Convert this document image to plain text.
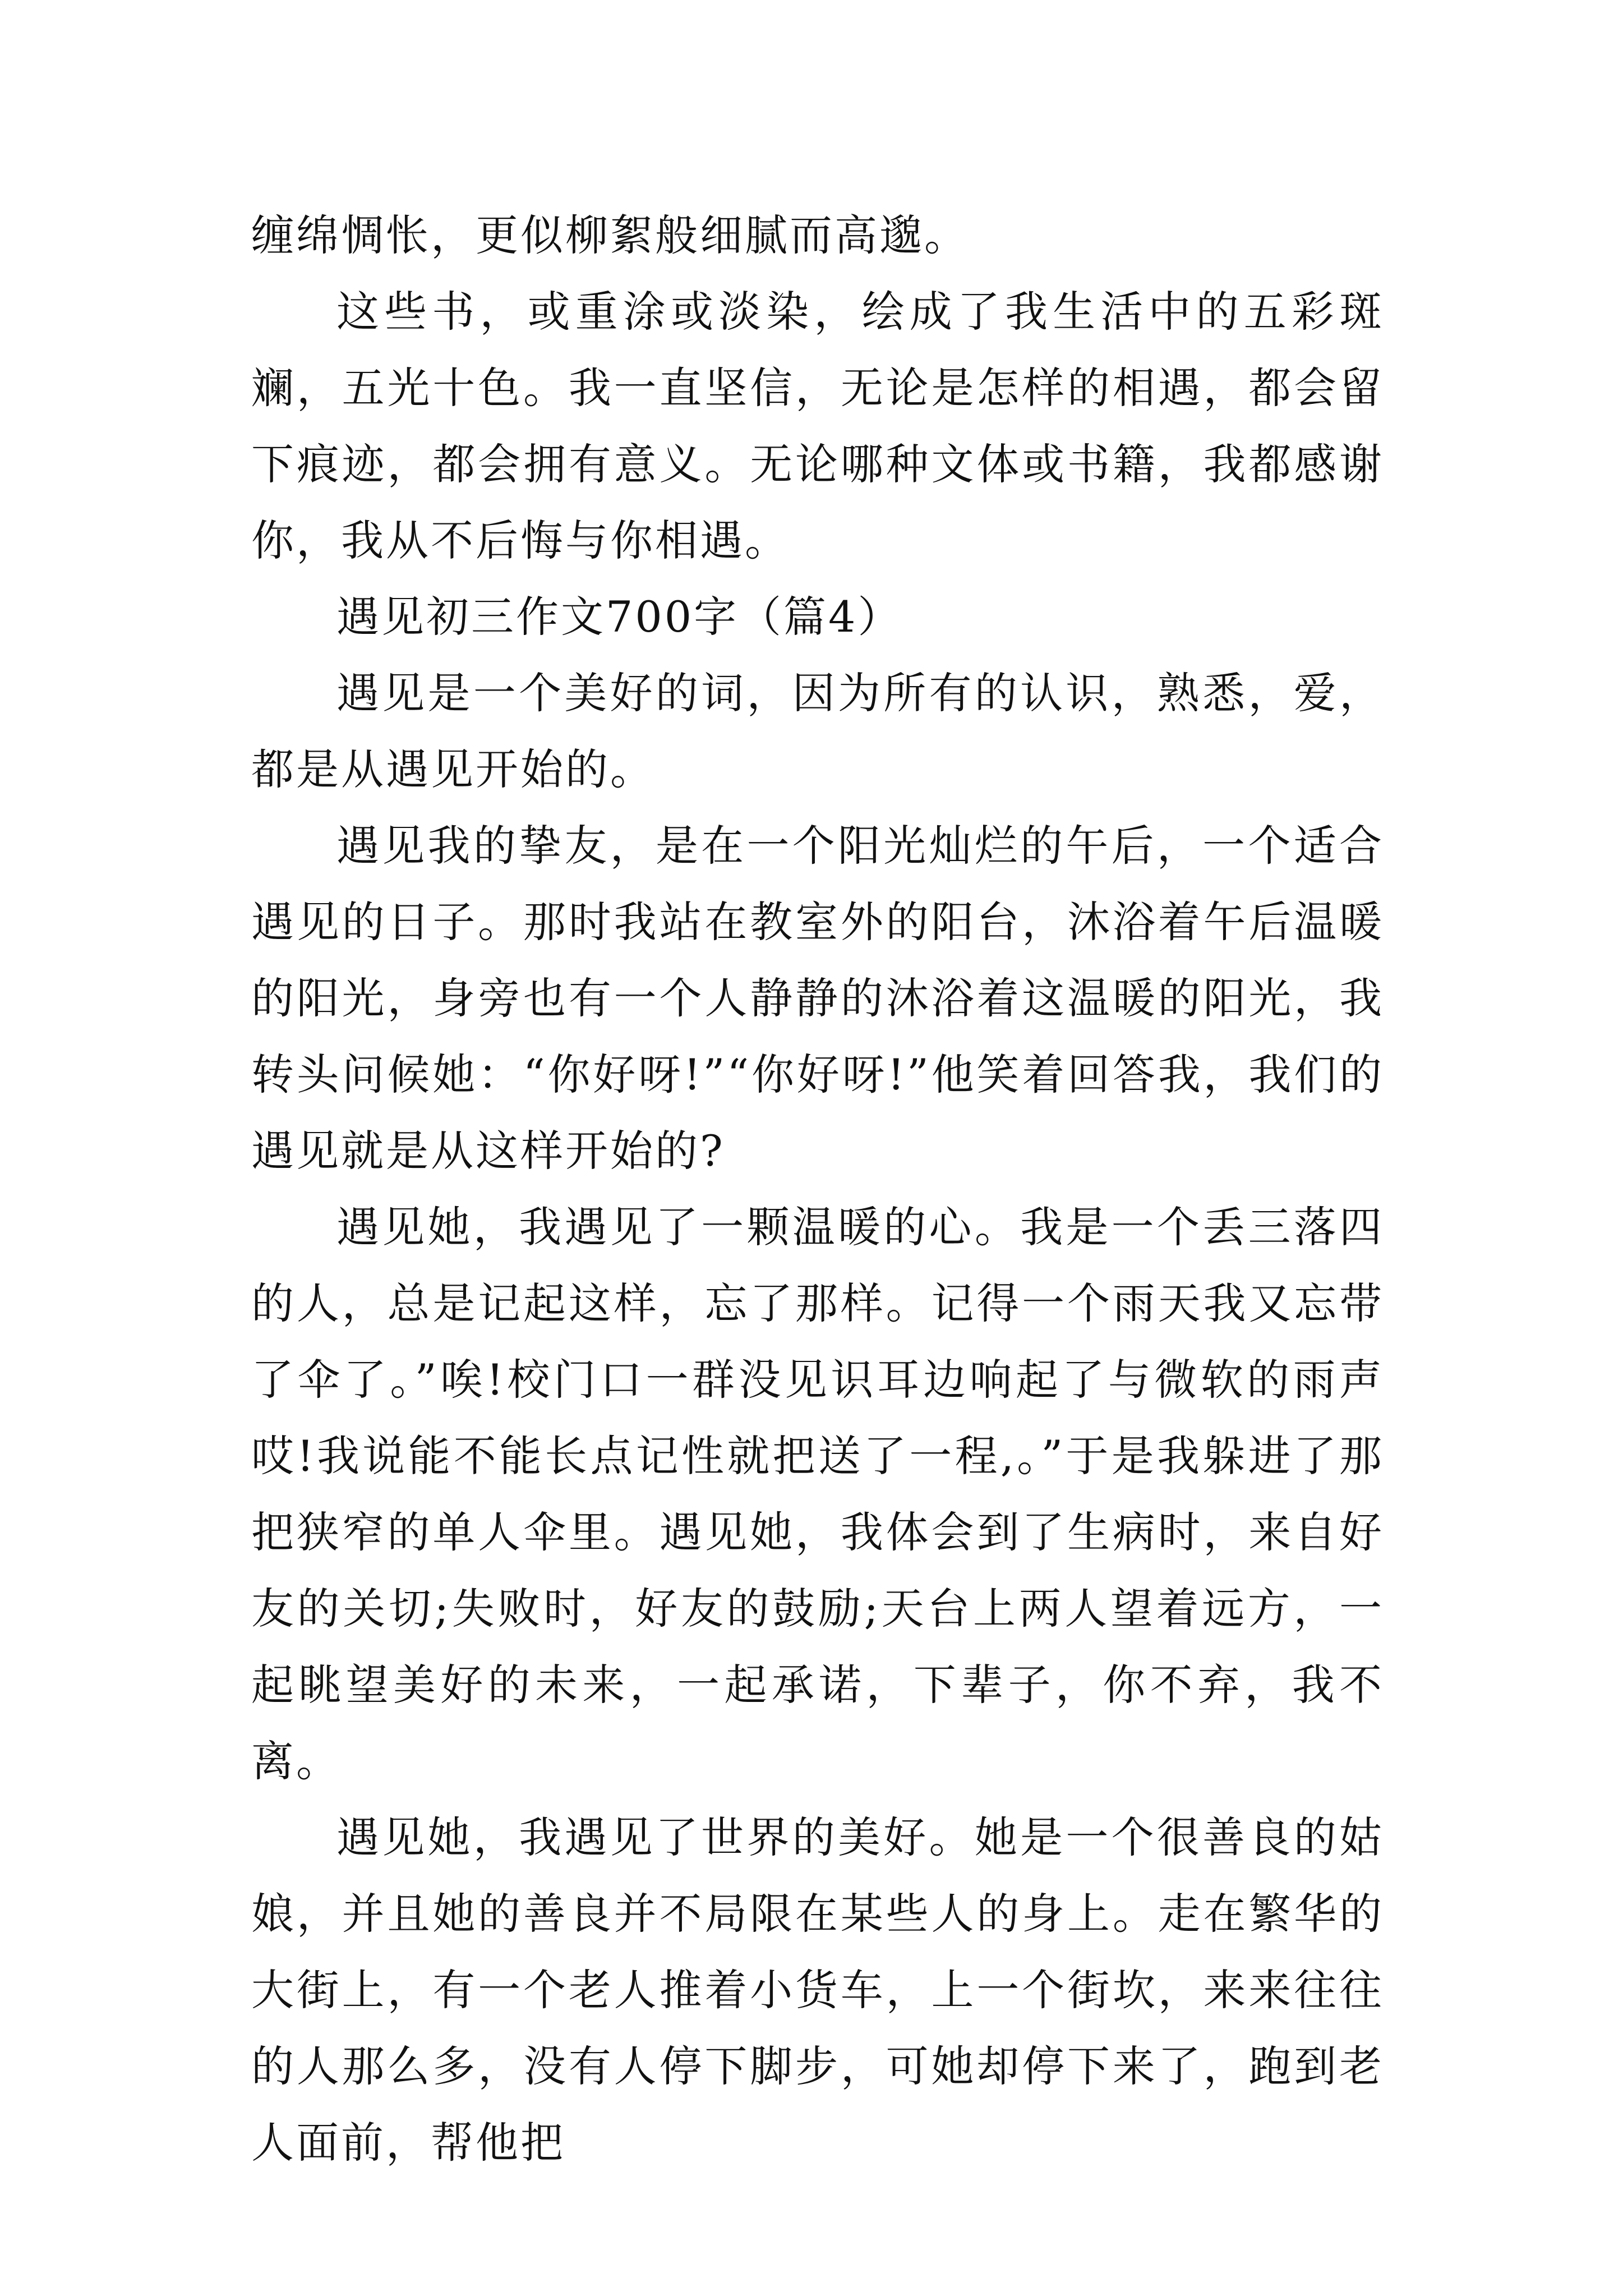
缠绵惆怅，更似柳絮般细腻而高邈。

这些书，或重涂或淡染，绘成了我生活中的五彩斑斓，五光十色。我一直坚信，无论是怎样的相遇，都会留下痕迹，都会拥有意义。无论哪种文体或书籍，我都感谢你，我从不后悔与你相遇。

遇见初三作文700字（篇4）

遇见是一个美好的词，因为所有的认识，熟悉，爱，都是从遇见开始的。

遇见我的挚友，是在一个阳光灿烂的午后，一个适合遇见的日子。那时我站在教室外的阳台，沐浴着午后温暖的阳光，身旁也有一个人静静的沐浴着这温暖的阳光，我转头问候她：“你好呀!”“你好呀!”他笑着回答我，我们的遇见就是从这样开始的?

遇见她，我遇见了一颗温暖的心。我是一个丢三落四的人，总是记起这样，忘了那样。记得一个雨天我又忘带了伞了。”唉!校门口一群没见识耳边响起了与微软的雨声哎!我说能不能长点记性就把送了一程,。”于是我躲进了那把狭窄的单人伞里。遇见她，我体会到了生病时，来自好友的关切;失败时，好友的鼓励;天台上两人望着远方，一起眺望美好的未来，一起承诺，下辈子，你不弃，我不离。

遇见她，我遇见了世界的美好。她是一个很善良的姑娘，并且她的善良并不局限在某些人的身上。走在繁华的大街上，有一个老人推着小货车，上一个街坎，来来往往的人那么多，没有人停下脚步，可她却停下来了，跑到老人面前，帮他把
